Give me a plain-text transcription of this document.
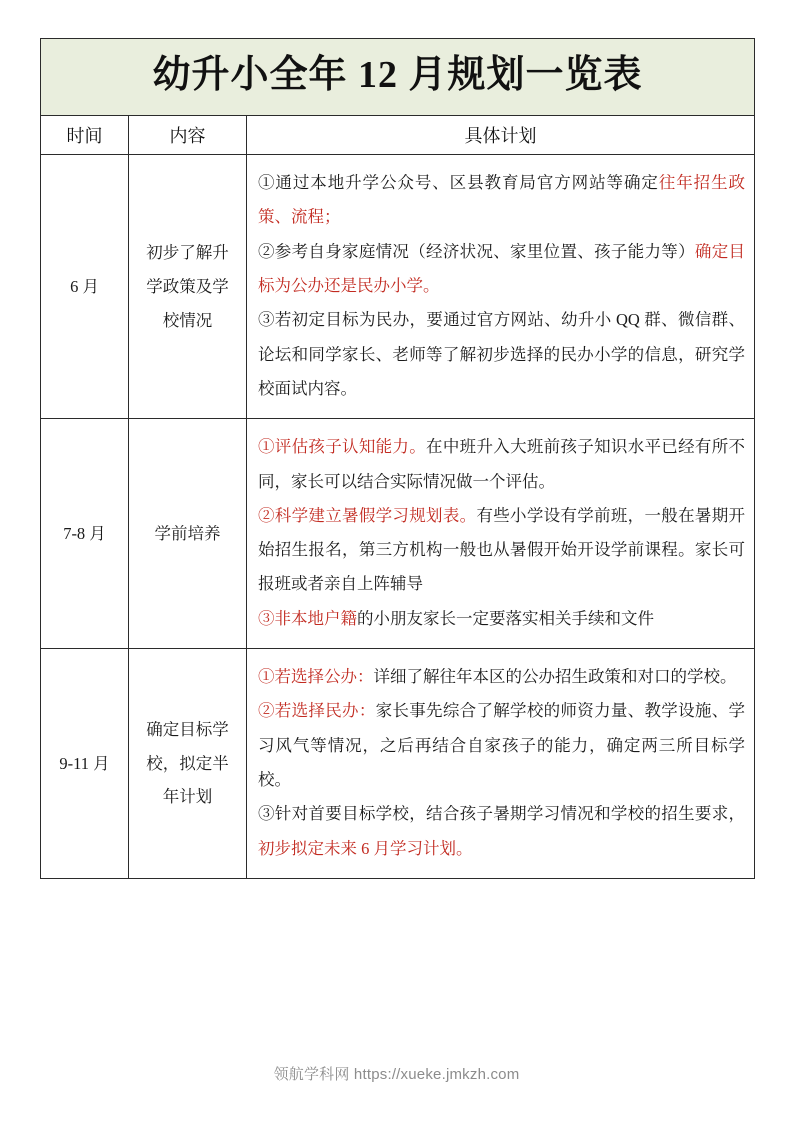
幼升小全年 12 月规划一览表		

时间	内容	具体计划
6 月	初步了解升学政策及学校情况	①通过本地升学公众号、区县教育局官方网站等确定往年招生政策、流程；

②参考自身家庭情况（经济状况、家里位置、孩子能力等）确定目标为公办还是民办小学。

③若初定目标为民办，要通过官方网站、幼升小 QQ 群、微信群、论坛和同学家长、老师等了解初步选择的民办小学的信息，研究学校面试内容。

7-8 月	学前培养	①评估孩子认知能力。在中班升入大班前孩子知识水平已经有所不同，家长可以结合实际情况做一个评估。

②科学建立暑假学习规划表。有些小学设有学前班，一般在暑期开始招生报名，第三方机构一般也从暑假开始开设学前课程。家长可报班或者亲自上阵辅导

③非本地户籍的小朋友家长一定要落实相关手续和文件

9-11 月	确定目标学校，拟定半年计划	①若选择公办：详细了解往年本区的公办招生政策和对口的学校。

②若选择民办：家长事先综合了解学校的师资力量、教学设施、学习风气等情况，之后再结合自家孩子的能力，确定两三所目标学校。

③针对首要目标学校，结合孩子暑期学习情况和学校的招生要求，初步拟定未来 6 月学习计划。

领航学科网 https://xueke.jmkzh.com
